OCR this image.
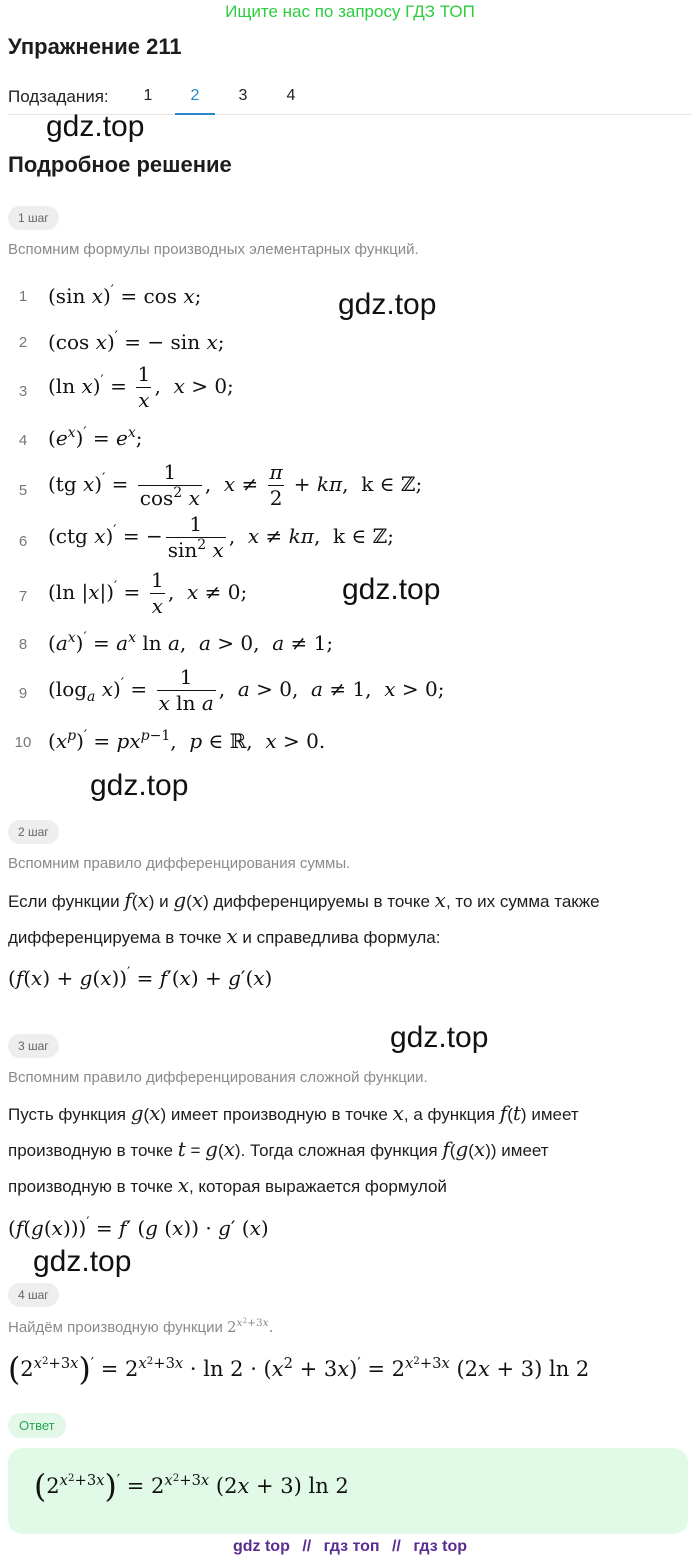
Ищите нас по запросу ГДЗ ТОП
Упражнение 211
Подзадания:	1	2	3	4
gdz.top
Подробное решение
1 шаг
Вспомним формулы производных элементарных функций.
1	(sin x)′ = cos x;	gdz.top
2	(cos x)′ = − sin x;
3	(ln $x)' = \frac{1}{x}$ ,  x > 0;
4	$(e^x)' = e^x$;
5	(tg $x)' = \frac{1}{\cos^2 x}$ ,  $x \ne \frac{\pi}{2} + k\pi$,  k ∈ ℤ;
6	(ctg x)′ = − $\frac{1}{\sin^2 x}$ ,  x ≠ kπ,  k ∈ ℤ;
7	(ln $|x|)' = \frac{1}{x}$ ,  x ≠ 0;	gdz.top
8	$(a^x)' = a^x$ ln a,  a > 0,  a ≠ 1;
9	($\log_a$ $x)' = \frac{1}{\text{x ln a}}$ ,  a > 0,  a ≠ 1,  x > 0;
10 $(x^p)' = px^{p-1}$,  p ∈ ℝ,  x > 0.
gdz.top
2 шаг
Вспомним правило дифференцирования суммы.
Если функции f(x) и g(x) дифференцируемы в точке x, то их сумма также
дифференцируема в точке x и справедлива формула:
(f(x) + g(x))′ = f′(x) + g′(x)
gdz.top
3 шаг
Вспомним правило дифференцирования сложной функции.
Пусть функция g(x) имеет производную в точке x, а функция f(t) имеет
производную в точке t = g(x). Тогда сложная функция f(g(x)) имеет
производную в точке x, которая выражается формулой
(f(g(x)))′ = f′ (g (x)) · g′ (x)
gdz.top
4 шаг
Найдём производную функции $2^{x^2+3x}$.
$(2^{x^2+3x})' = 2^{x^2+3x} \cdot \ln 2 \cdot (x^2 + 3x)' = 2^{x^2+3x}$ (2x + 3) ln 2
Ответ
$(2^{x^2+3x})' = 2^{x^2+3x}$ (2x + 3) ln 2
gdz top // гдз топ // гдз top
